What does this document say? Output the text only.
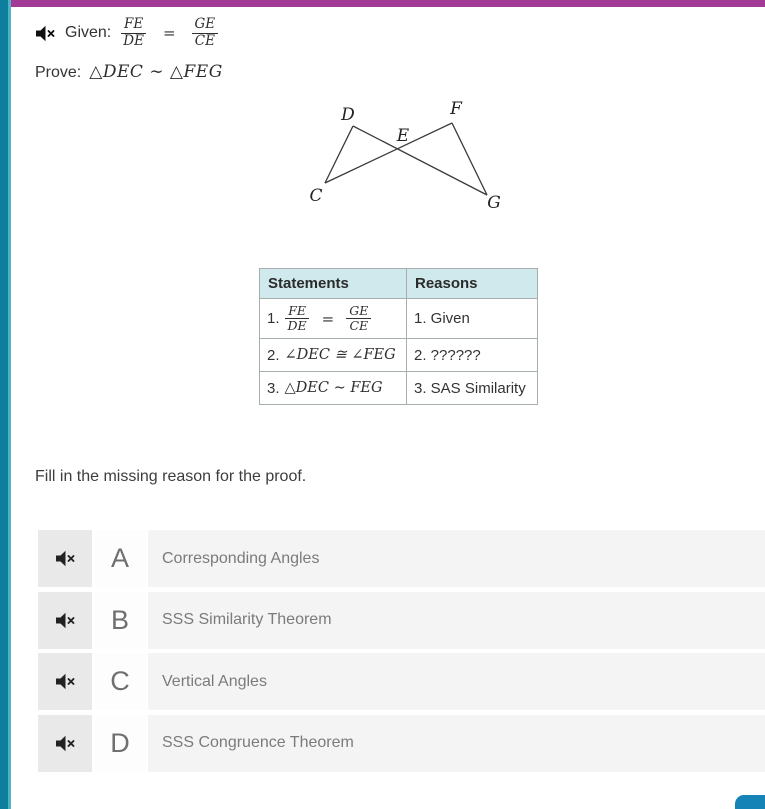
Given: $\frac{FE}{DE} = \frac{GE}{CE}$
Prove: △DEC ∼ △FEG
D	F
E
C	G
Statements	Reasons

1. $\frac{FE}{DE} = \frac{GE}{CE}$	1. Given

2. ∠DEC ≅ ∠FEG	2. ??????

3. △DEC ∼ FEG	3. SAS Similarity
Fill in the missing reason for the proof.
A	Corresponding Angles
B	SSS Similarity Theorem
C	Vertical Angles
D	SSS Congruence Theorem
